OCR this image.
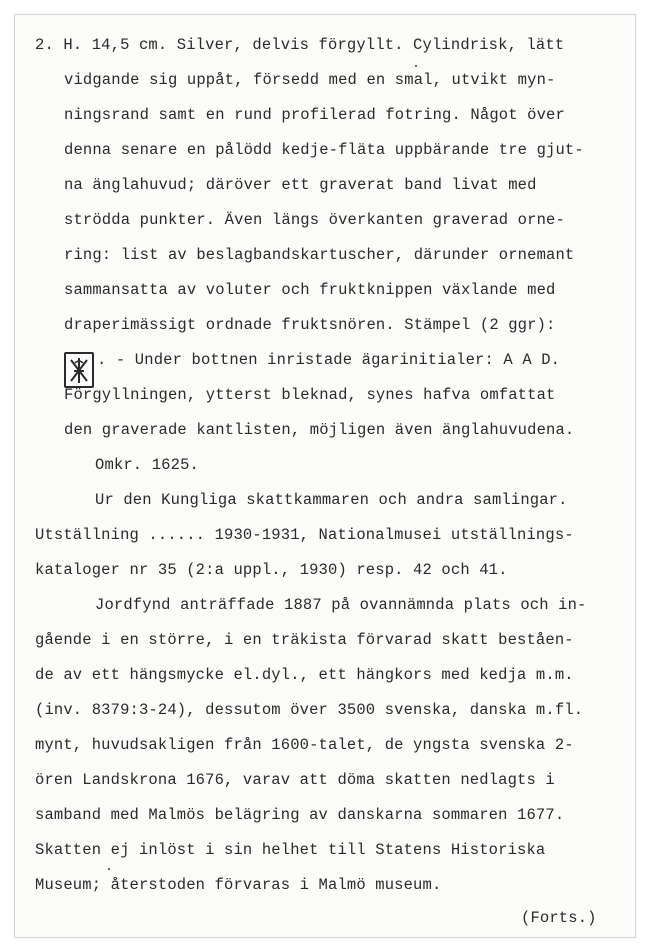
2. H. 14,5 cm. Silver, delvis förgyllt. Cylindrisk, lätt
vidgande sig uppåt, försedd med en smal, utvikt myn-
ningsrand samt en rund profilerad fotring. Något över
denna senare en pålödd kedje-fläta uppbärande tre gjut-
na änglahuvud; däröver ett graverat band livat med
strödda punkter. Även längs överkanten graverad orne-
ring: list av beslagbandskartuscher, därunder ornemant
sammansatta av voluter och fruktknippen växlande med
draperimässigt ordnade fruktsnören. Stämpel (2 ggr):
. - Under bottnen inristade ägarinitialer: A A D.
Förgyllningen, ytterst bleknad, synes hafva omfattat
den graverade kantlisten, möjligen även änglahuvudena.
Omkr. 1625.
Ur den Kungliga skattkammaren och andra samlingar.
Utställning ...... 1930-1931, Nationalmusei utställnings-
kataloger nr 35 (2:a uppl., 1930) resp. 42 och 41.
Jordfynd anträffade 1887 på ovannämnda plats och in-
gående i en större, i en träkista förvarad skatt beståen-
de av ett hängsmycke el.dyl., ett hängkors med kedja m.m.
(inv. 8379:3-24), dessutom över 3500 svenska, danska m.fl.
mynt, huvudsakligen från 1600-talet, de yngsta svenska 2-
ören Landskrona 1676, varav att döma skatten nedlagts i
samband med Malmös belägring av danskarna sommaren 1677.
Skatten ej inlöst i sin helhet till Statens Historiska
Museum; återstoden förvaras i Malmö museum.
(Forts.)
